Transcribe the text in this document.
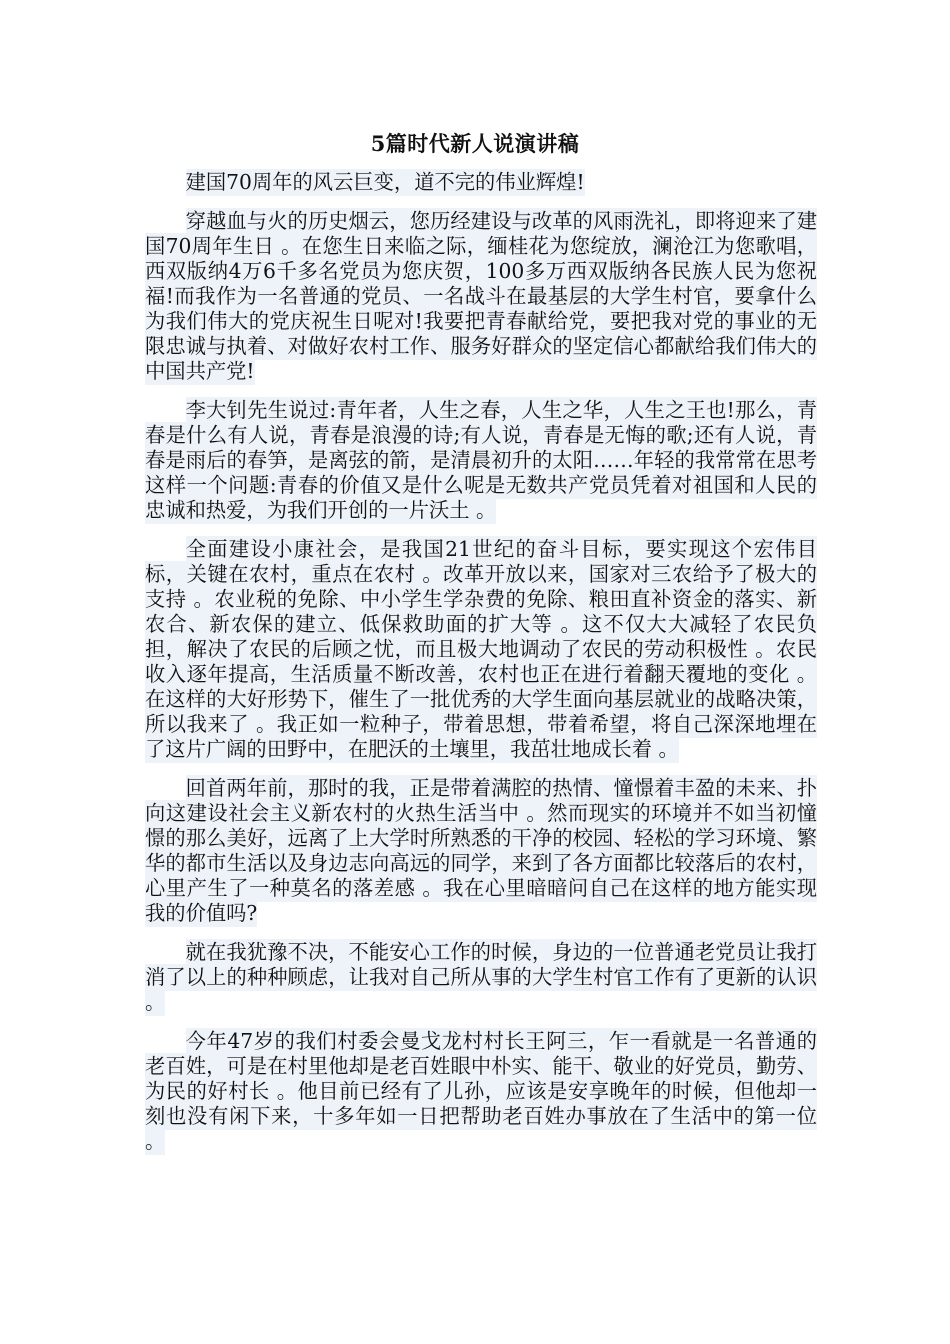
5篇时代新人说演讲稿

建国70周年的风云巨变，道不完的伟业辉煌!

穿越血与火的历史烟云，您历经建设与改革的风雨洗礼，即将迎来了建国70周年生日 。在您生日来临之际，缅桂花为您绽放，澜沧江为您歌唱，西双版纳4万6千多名党员为您庆贺，100多万西双版纳各民族人民为您祝福!而我作为一名普通的党员、一名战斗在最基层的大学生村官，要拿什么为我们伟大的党庆祝生日呢对!我要把青春献给党，要把我对党的事业的无限忠诚与执着、对做好农村工作、服务好群众的坚定信心都献给我们伟大的中国共产党!

李大钊先生说过:青年者，人生之春，人生之华，人生之王也!那么，青春是什么有人说，青春是浪漫的诗;有人说，青春是无悔的歌;还有人说，青春是雨后的春笋，是离弦的箭，是清晨初升的太阳……年轻的我常常在思考这样一个问题:青春的价值又是什么呢是无数共产党员凭着对祖国和人民的忠诚和热爱，为我们开创的一片沃土 。

全面建设小康社会，是我国21世纪的奋斗目标，要实现这个宏伟目标，关键在农村，重点在农村 。改革开放以来，国家对三农给予了极大的支持 。农业税的免除、中小学生学杂费的免除、粮田直补资金的落实、新农合、新农保的建立、低保救助面的扩大等 。这不仅大大减轻了农民负担，解决了农民的后顾之忧，而且极大地调动了农民的劳动积极性 。农民收入逐年提高，生活质量不断改善，农村也正在进行着翻天覆地的变化 。在这样的大好形势下，催生了一批优秀的大学生面向基层就业的战略决策，所以我来了 。我正如一粒种子，带着思想，带着希望，将自己深深地埋在了这片广阔的田野中，在肥沃的土壤里，我茁壮地成长着 。

回首两年前，那时的我，正是带着满腔的热情、憧憬着丰盈的未来、扑向这建设社会主义新农村的火热生活当中 。然而现实的环境并不如当初憧憬的那么美好，远离了上大学时所熟悉的干净的校园、轻松的学习环境、繁华的都市生活以及身边志向高远的同学，来到了各方面都比较落后的农村，心里产生了一种莫名的落差感 。我在心里暗暗问自己在这样的地方能实现我的价值吗?

就在我犹豫不决，不能安心工作的时候，身边的一位普通老党员让我打消了以上的种种顾虑，让我对自己所从事的大学生村官工作有了更新的认识 。

今年47岁的我们村委会曼戈龙村村长王阿三，乍一看就是一名普通的老百姓，可是在村里他却是老百姓眼中朴实、能干、敬业的好党员，勤劳、为民的好村长 。他目前已经有了儿孙，应该是安享晚年的时候，但他却一刻也没有闲下来，十多年如一日把帮助老百姓办事放在了生活中的第一位 。
